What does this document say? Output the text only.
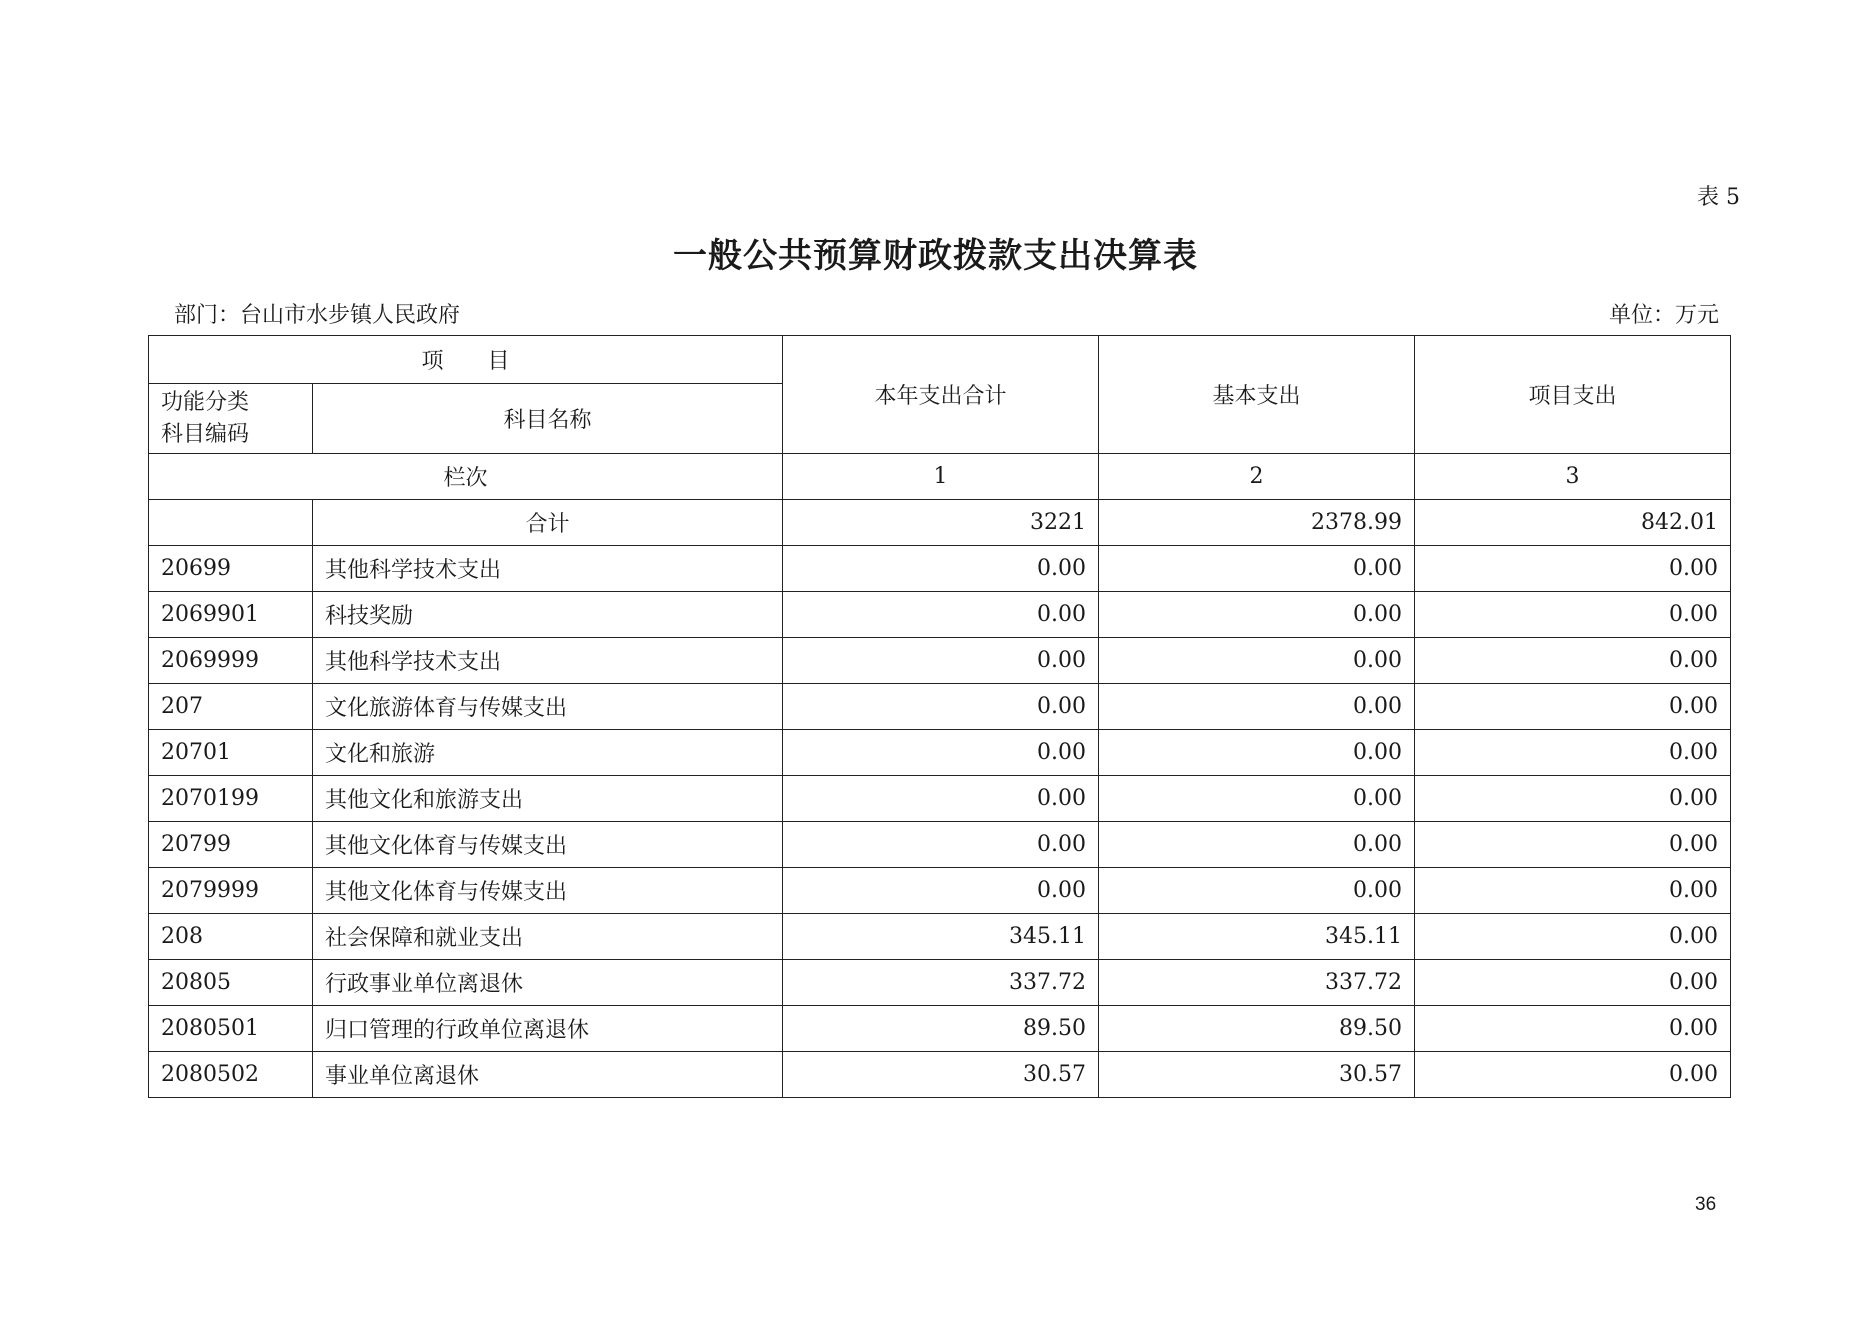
表 5
一般公共预算财政拨款支出决算表
部门：台山市水步镇人民政府	单位：万元
项　　目		本年支出合计	基本支出	项目支出

功能分类
科目编码	科目名称			
栏次		1	2	3
	合计	3221	2378.99	842.01
20699	其他科学技术支出	0.00	0.00	0.00
2069901	科技奖励	0.00	0.00	0.00
2069999	其他科学技术支出	0.00	0.00	0.00
207	文化旅游体育与传媒支出	0.00	0.00	0.00
20701	文化和旅游	0.00	0.00	0.00
2070199	其他文化和旅游支出	0.00	0.00	0.00
20799	其他文化体育与传媒支出	0.00	0.00	0.00
2079999	其他文化体育与传媒支出	0.00	0.00	0.00
208	社会保障和就业支出	345.11	345.11	0.00
20805	行政事业单位离退休	337.72	337.72	0.00
2080501	归口管理的行政单位离退休	89.50	89.50	0.00
2080502	事业单位离退休	30.57	30.57	0.00
36
